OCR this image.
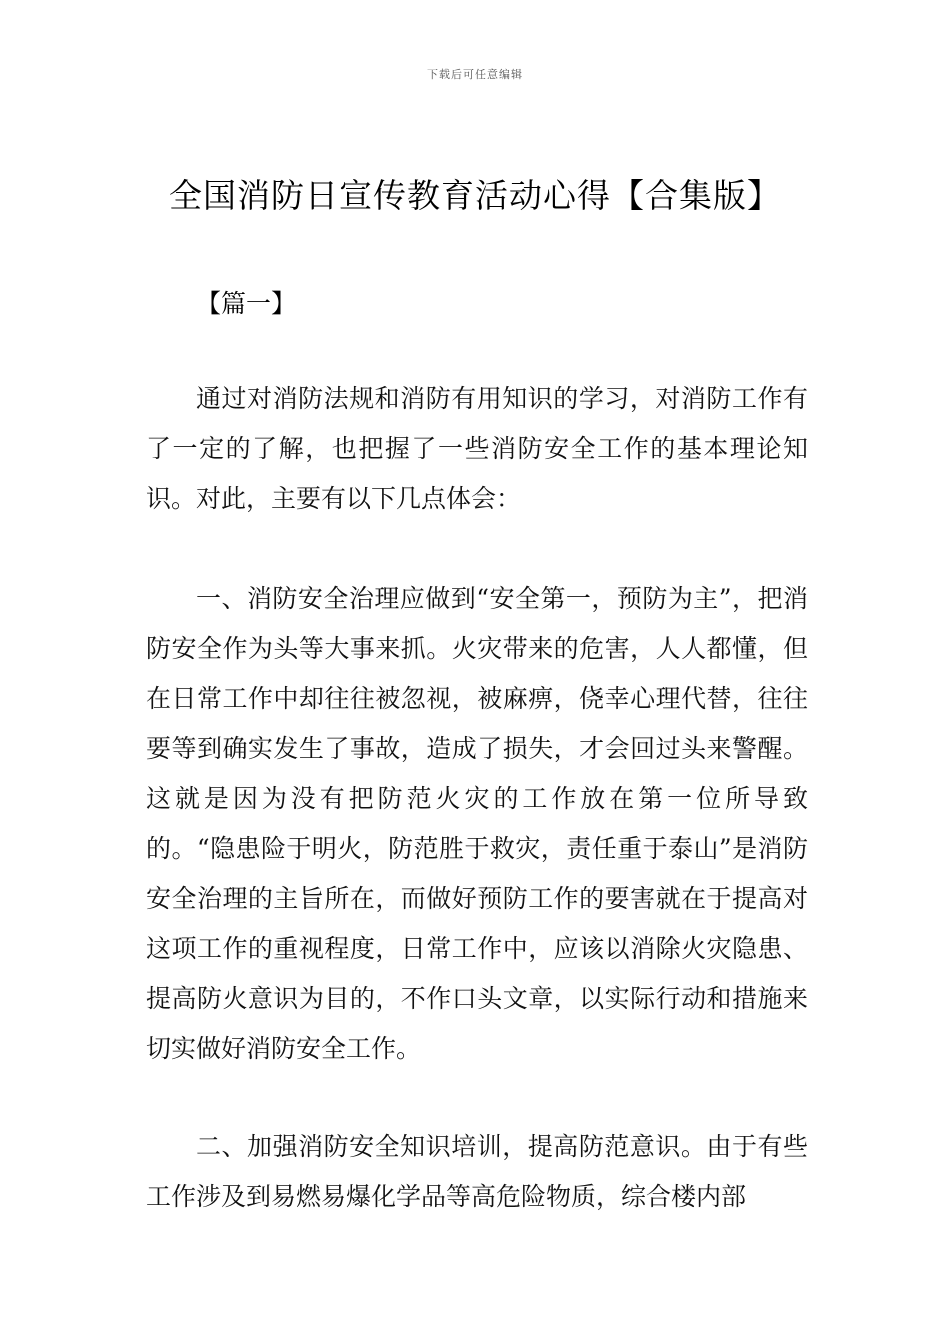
下载后可任意编辑
全国消防日宣传教育活动心得【合集版】
【篇一】

通过对消防法规和消防有用知识的学习，对消防工作有了一定的了解，也把握了一些消防安全工作的基本理论知识。对此，主要有以下几点体会：

一、消防安全治理应做到“安全第一，预防为主”，把消防安全作为头等大事来抓。火灾带来的危害，人人都懂，但在日常工作中却往往被忽视，被麻痹，侥幸心理代替，往往要等到确实发生了事故，造成了损失，才会回过头来警醒。这就是因为没有把防范火灾的工作放在第一位所导致的。“隐患险于明火，防范胜于救灾，责任重于泰山”是消防安全治理的主旨所在，而做好预防工作的要害就在于提高对这项工作的重视程度，日常工作中，应该以消除火灾隐患、提高防火意识为目的，不作口头文章，以实际行动和措施来切实做好消防安全工作。

二、加强消防安全知识培训，提高防范意识。由于有些工作涉及到易燃易爆化学品等高危险物质，综合楼内部
